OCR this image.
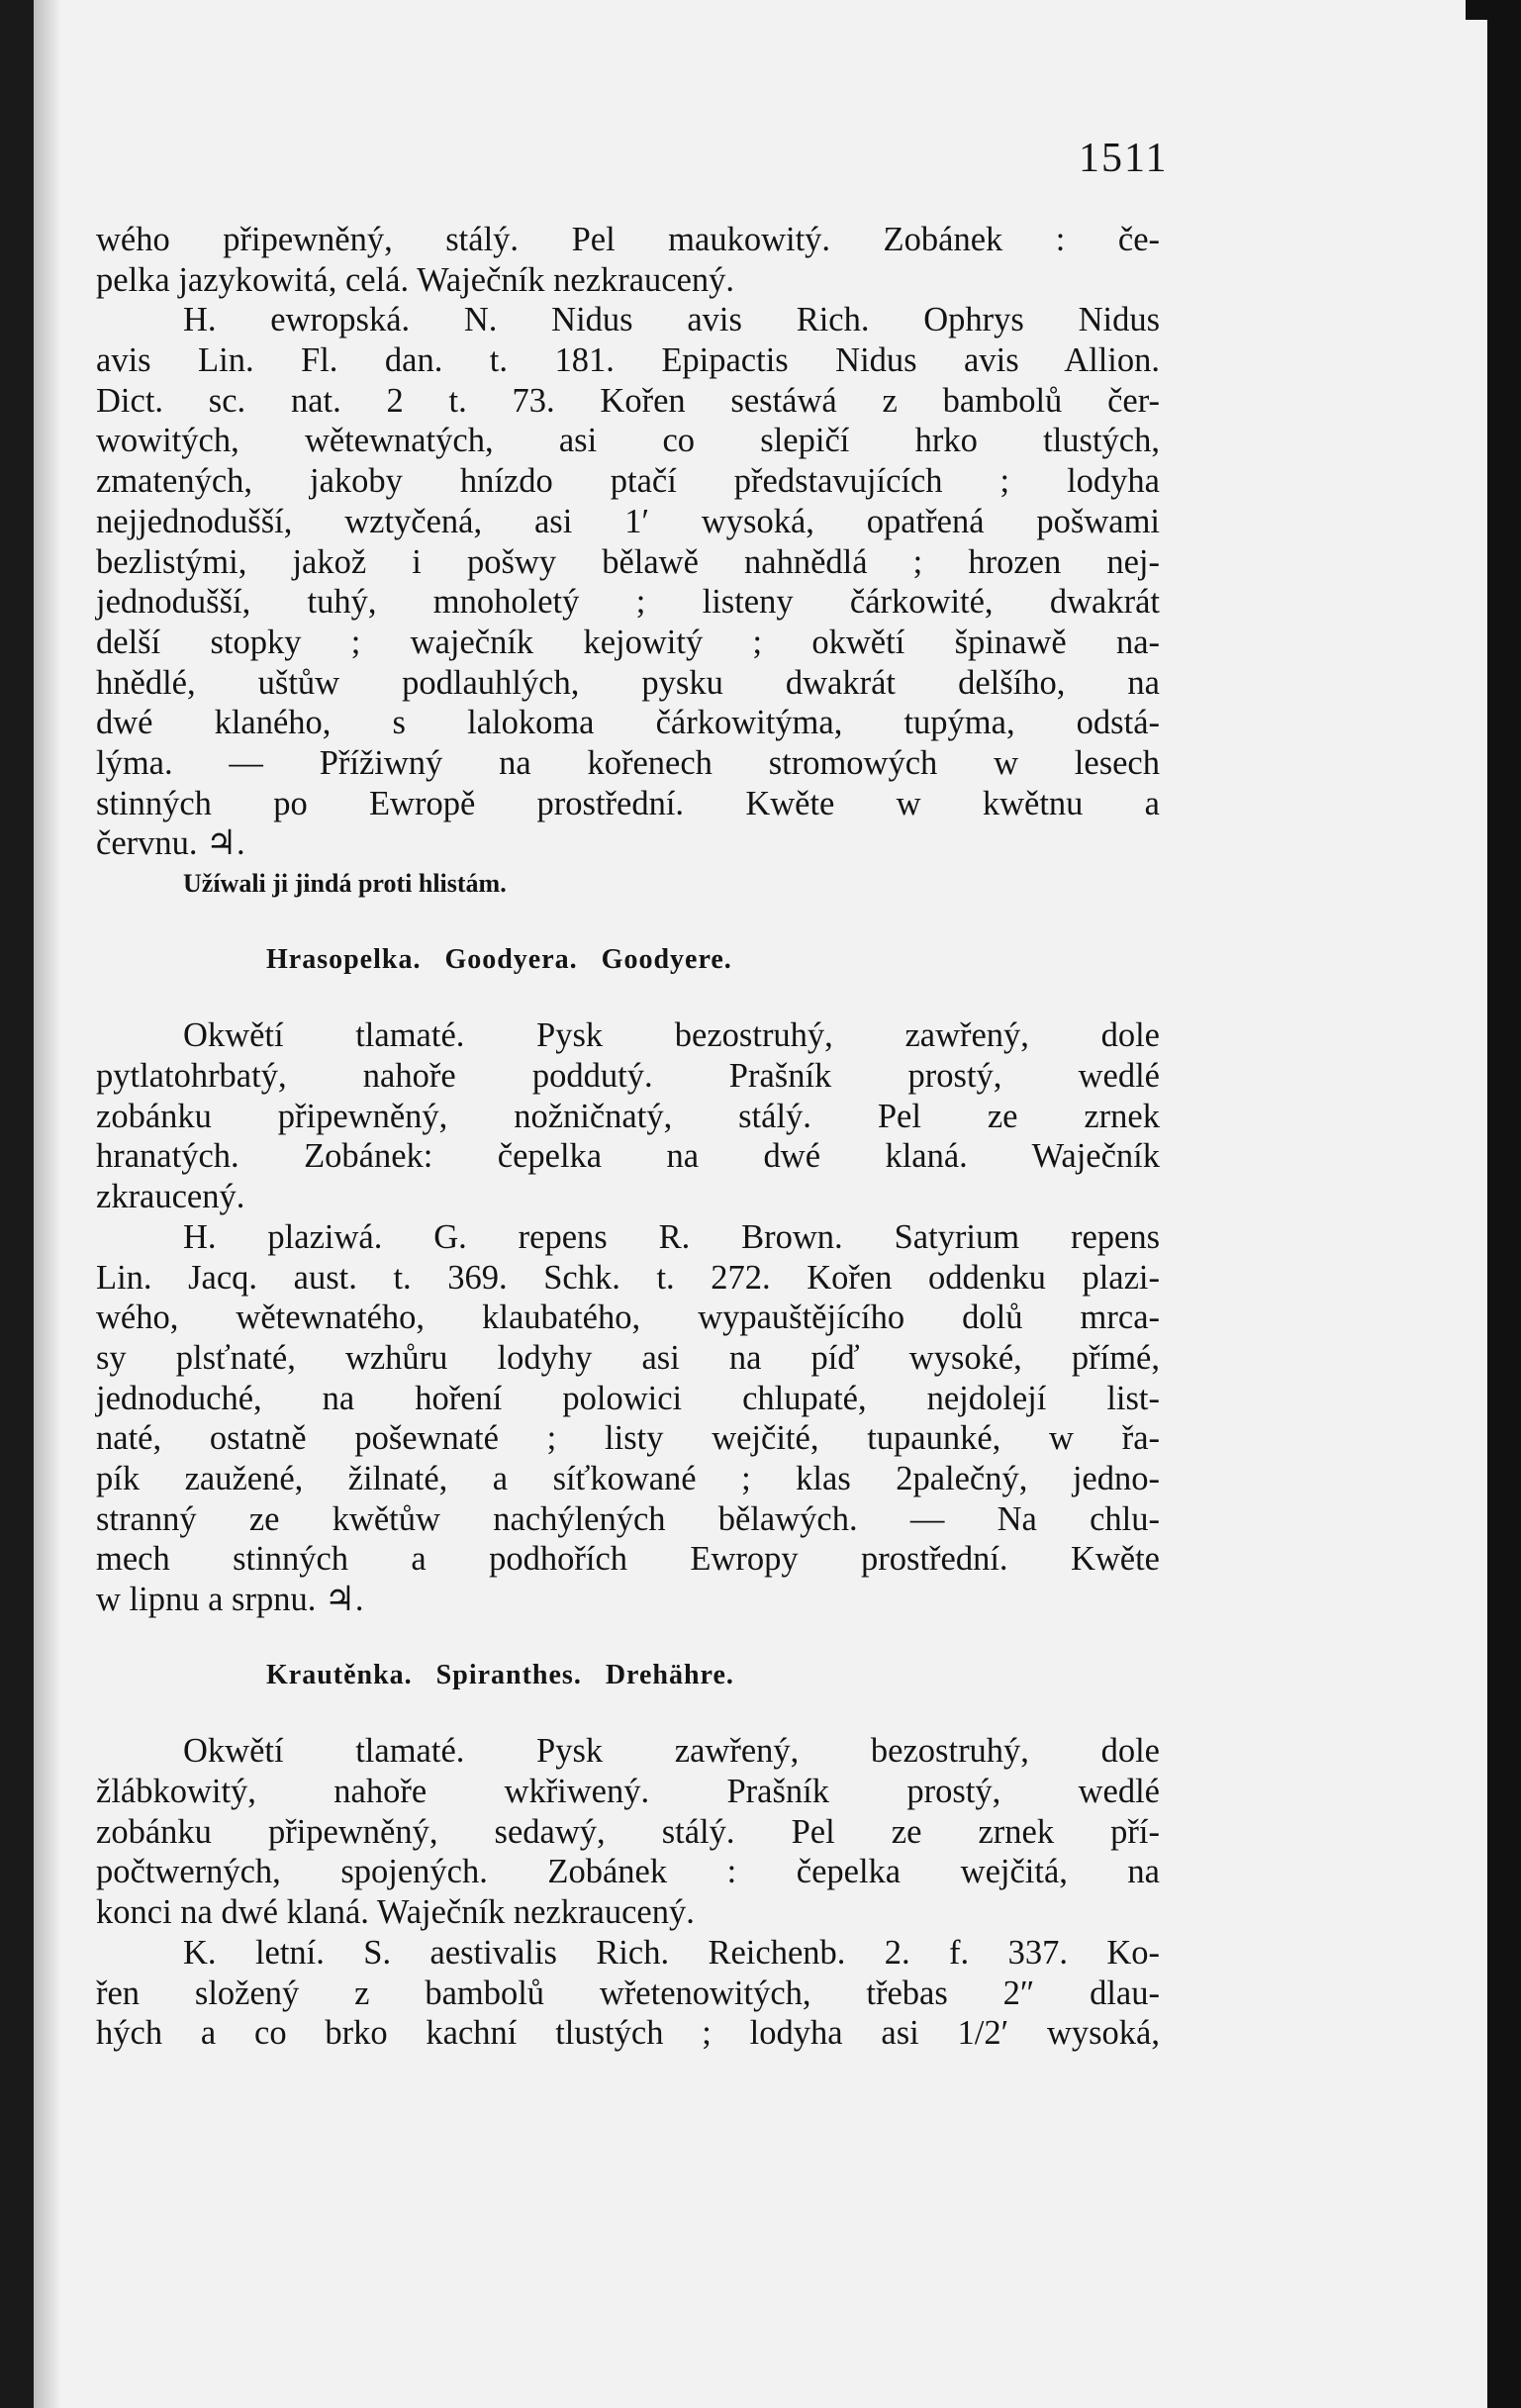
1511
wého připewněný, stálý. Pel maukowitý. Zobánek : če-
pelka jazykowitá, celá. Waječník nezkraucený.
H. ewropská. N. Nidus avis Rich. Ophrys Nidus
avis Lin. Fl. dan. t. 181. Epipactis Nidus avis Allion.
Dict. sc. nat. 2 t. 73. Kořen sestáwá z bambolů čer-
wowitých, wětewnatých, asi co slepičí hrko tlustých,
zmatených, jakoby hnízdo ptačí představujících ; lodyha
nejjednodušší, wztyčená, asi 1′ wysoká, opatřená pošwami
bezlistými, jakož i pošwy bělawě nahnědlá ; hrozen nej-
jednodušší, tuhý, mnoholetý ; listeny čárkowité, dwakrát
delší stopky ; waječník kejowitý ; okwětí špinawě na-
hnědlé, uštůw podlauhlých, pysku dwakrát delšího, na
dwé klaného, s lalokoma čárkowitýma, tupýma, odstá-
lýma. — Přížiwný na kořenech stromowých w lesech
stinných po Ewropě prostřední. Kwěte w kwětnu a
červnu. ♃.
Užíwali ji jindá proti hlistám.
Hrasopelka.   Goodyera.   Goodyere.
Okwětí tlamaté. Pysk bezostruhý, zawřený, dole
pytlatohrbatý, nahoře poddutý. Prašník prostý, wedlé
zobánku připewněný, nožničnatý, stálý. Pel ze zrnek
hranatých. Zobánek: čepelka na dwé klaná. Waječník
zkraucený.
H. plaziwá. G. repens R. Brown. Satyrium repens
Lin. Jacq. aust. t. 369. Schk. t. 272. Kořen oddenku plazi-
wého, wětewnatého, klaubatého, wypauštějícího dolů mrca-
sy plsťnaté, wzhůru lodyhy asi na píď wysoké, přímé,
jednoduché, na hoření polowici chlupaté, nejdolejí list-
naté, ostatně pošewnaté ; listy wejčité, tupaunké, w řa-
pík zaužené, žilnaté, a síťkowané ; klas 2palečný, jedno-
stranný ze kwětůw nachýlených bělawých. — Na chlu-
mech stinných a podhořích Ewropy prostřední. Kwěte
w lipnu a srpnu. ♃.
Krautěnka.   Spiranthes.   Drehähre.
Okwětí tlamaté. Pysk zawřený, bezostruhý, dole
žlábkowitý, nahoře wkřiwený. Prašník prostý, wedlé
zobánku připewněný, sedawý, stálý. Pel ze zrnek pří-
počtwerných, spojených. Zobánek : čepelka wejčitá, na
konci na dwé klaná. Waječník nezkraucený.
K. letní. S. aestivalis Rich. Reichenb. 2. f. 337. Ko-
řen složený z bambolů wřetenowitých, třebas 2″ dlau-
hých a co brko kachní tlustých ; lodyha asi 1/2′ wysoká,
